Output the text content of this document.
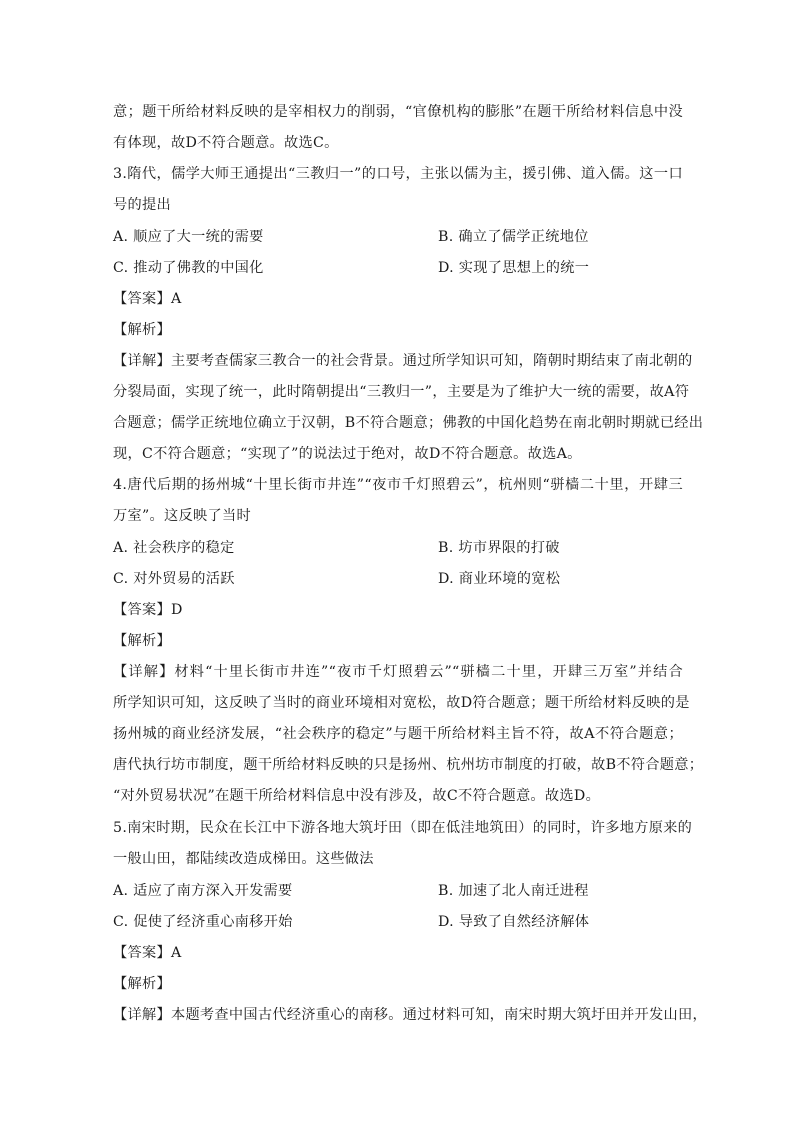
意；题干所给材料反映的是宰相权力的削弱，“官僚机构的膨胀”在题干所给材料信息中没
有体现，故D不符合题意。故选C。
3.隋代，儒学大师王通提出“三教归一”的口号，主张以儒为主，援引佛、道入儒。这一口
号的提出
A. 顺应了大一统的需要	B. 确立了儒学正统地位
C. 推动了佛教的中国化	D. 实现了思想上的统一
【答案】A
【解析】
【详解】主要考查儒家三教合一的社会背景。通过所学知识可知，隋朝时期结束了南北朝的
分裂局面，实现了统一，此时隋朝提出“三教归一”，主要是为了维护大一统的需要，故A符
合题意；儒学正统地位确立于汉朝，B不符合题意；佛教的中国化趋势在南北朝时期就已经出
现，C不符合题意；“实现了”的说法过于绝对，故D不符合题意。故选A。
4.唐代后期的扬州城“十里长街市井连”“夜市千灯照碧云”，杭州则“骈樯二十里，开肆三
万室”。这反映了当时
A. 社会秩序的稳定	B. 坊市界限的打破
C. 对外贸易的活跃	D. 商业环境的宽松
【答案】D
【解析】
【详解】材料“十里长街市井连”“夜市千灯照碧云”“骈樯二十里，开肆三万室”并结合
所学知识可知，这反映了当时的商业环境相对宽松，故D符合题意；题干所给材料反映的是
扬州城的商业经济发展，“社会秩序的稳定”与题干所给材料主旨不符，故A不符合题意；
唐代执行坊市制度，题干所给材料反映的只是扬州、杭州坊市制度的打破，故B不符合题意；
“对外贸易状况”在题干所给材料信息中没有涉及，故C不符合题意。故选D。
5.南宋时期，民众在长江中下游各地大筑圩田（即在低洼地筑田）的同时，许多地方原来的
一般山田，都陆续改造成梯田。这些做法
A. 适应了南方深入开发需要	B. 加速了北人南迁进程
C. 促使了经济重心南移开始	D. 导致了自然经济解体
【答案】A
【解析】
【详解】本题考查中国古代经济重心的南移。通过材料可知，南宋时期大筑圩田并开发山田，
